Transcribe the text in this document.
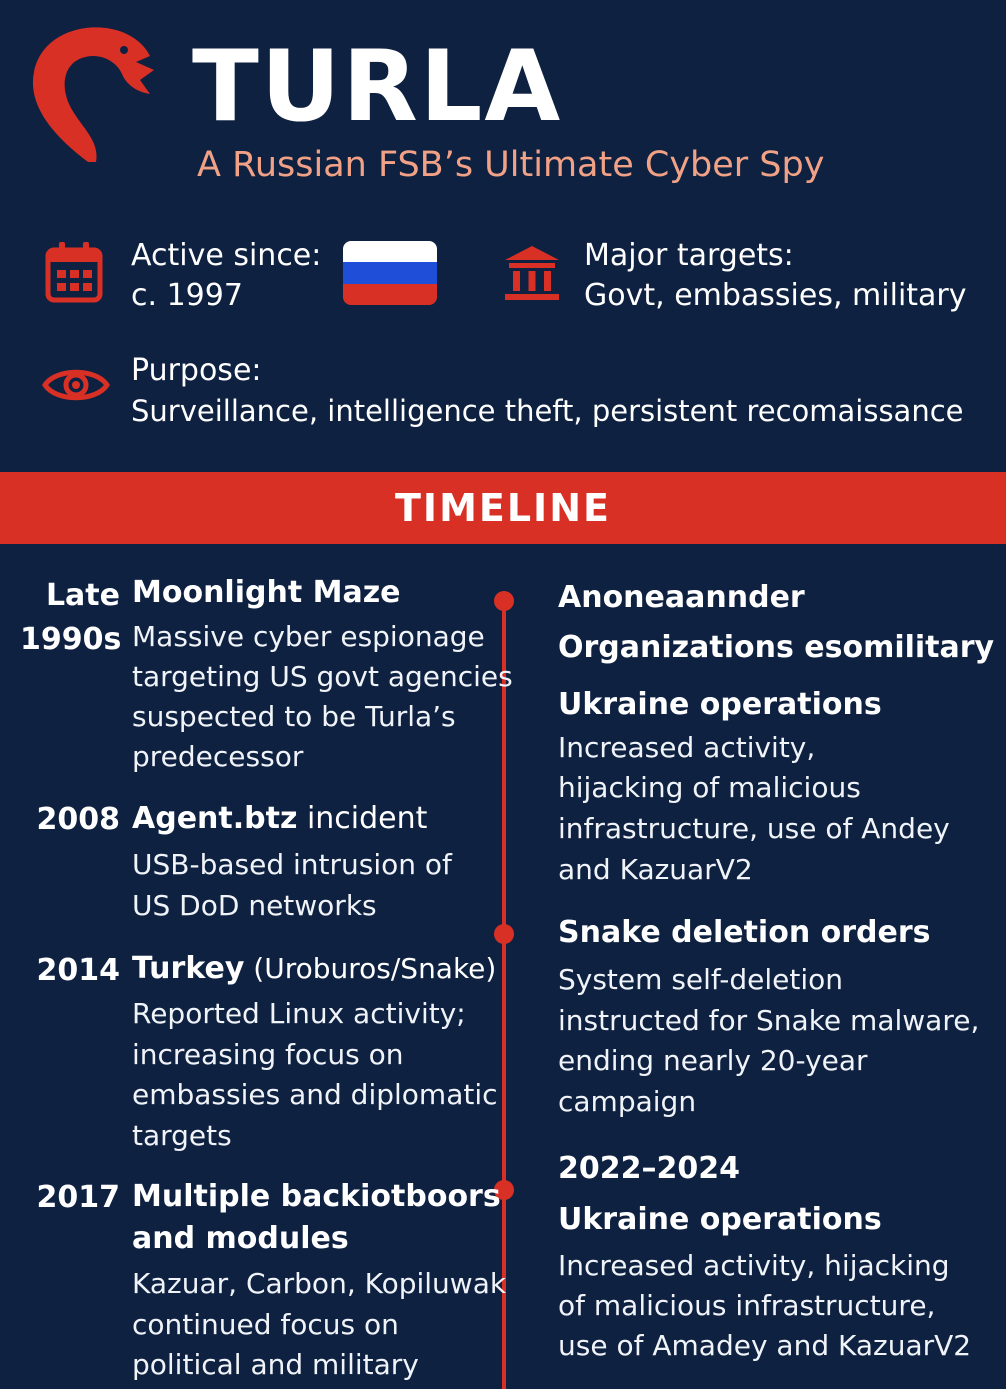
TURLA

A Russian FSB’s Ultimate Cyber Spy

Active since:
c. 1997
Major targets:
Govt, embassies, military
Purpose:
Surveillance, intelligence theft, persistent recomaissance
TIMELINE
Late
1990s
Moonlight Maze
Massive cyber espionage
targeting US govt agencies
suspected to be Turla’s
predecessor
2008 Agent.btz incident
USB-based intrusion of
US DoD networks
2014 Turkey (Uroburos/Snake)
Reported Linux activity;
increasing focus on
embassies and diplomatic
targets
2017 Multiple backiotboors
and modules
Kazuar, Carbon, Kopiluwak
continued focus on
political and military
Anoneaannder
Organizations esomilitary
Ukraine operations
Increased activity,
hijacking of malicious
infrastructure, use of Andey
and KazuarV2
Snake deletion orders
System self-deletion
instructed for Snake malware,
ending nearly 20-year
campaign
2022–2024
Ukraine operations
Increased activity, hijacking
of malicious infrastructure,
use of Amadey and KazuarV2
